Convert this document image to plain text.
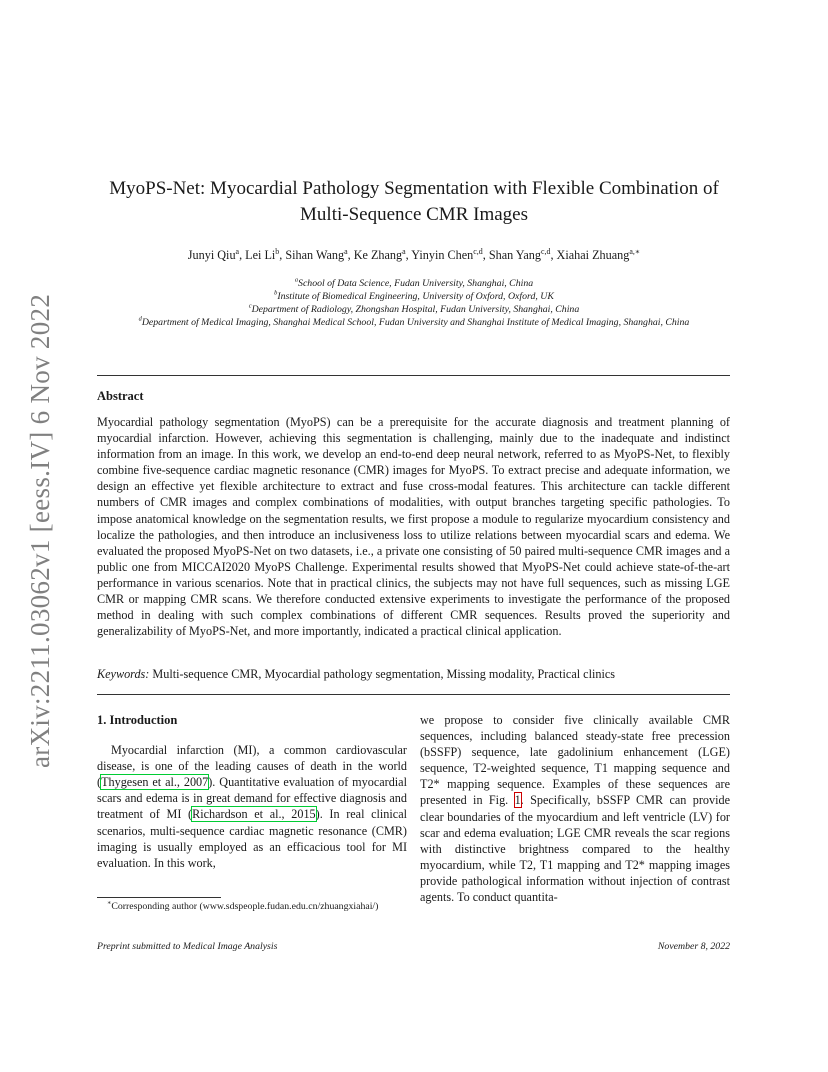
arXiv:2211.03062v1 [eess.IV] 6 Nov 2022
MyoPS-Net: Myocardial Pathology Segmentation with Flexible Combination of
Multi-Sequence CMR Images
Junyi Qiu$^a$, Lei Li$^b$, Sihan Wang$^a$, Ke Zhang$^a$, Yinyin Chen$^{c,d}$, Shan Yang$^{c,d}$, Xiahai Zhuang$^{a,∗}$
$^a$School of Data Science, Fudan University, Shanghai, China
$^b$Institute of Biomedical Engineering, University of Oxford, Oxford, UK
$^c$Department of Radiology, Zhongshan Hospital, Fudan University, Shanghai, China
$^d$Department of Medical Imaging, Shanghai Medical School, Fudan University and Shanghai Institute of Medical Imaging, Shanghai, China
Abstract
Myocardial pathology segmentation (MyoPS) can be a prerequisite for the accurate diagnosis and treatment planning of myocardial infarction. However, achieving this segmentation is challenging, mainly due to the inadequate and indistinct information from an image. In this work, we develop an end-to-end deep neural network, referred to as MyoPS-Net, to flexibly combine five-sequence cardiac magnetic resonance (CMR) images for MyoPS. To extract precise and adequate information, we design an effective yet flexible architecture to extract and fuse cross-modal features. This architecture can tackle different numbers of CMR images and complex combinations of modalities, with output branches targeting specific pathologies. To impose anatomical knowledge on the segmentation results, we first propose a module to regularize myocardium consistency and localize the pathologies, and then introduce an inclusiveness loss to utilize relations between myocardial scars and edema. We evaluated the proposed MyoPS-Net on two datasets, i.e., a private one consisting of 50 paired multi-sequence CMR images and a public one from MICCAI2020 MyoPS Challenge. Experimental results showed that MyoPS-Net could achieve state-of-the-art performance in various scenarios. Note that in practical clinics, the subjects may not have full sequences, such as missing LGE CMR or mapping CMR scans. We therefore conducted extensive experiments to investigate the performance of the proposed method in dealing with such complex combinations of different CMR sequences. Results proved the superiority and generalizability of MyoPS-Net, and more importantly, indicated a practical clinical application.
Keywords: Multi-sequence CMR, Myocardial pathology segmentation, Missing modality, Practical clinics
1. Introduction

Myocardial infarction (MI), a common cardiovascular disease, is one of the leading causes of death in the world (Thygesen et al., 2007). Quantitative evaluation of myocardial scars and edema is in great demand for effective diagnosis and treatment of MI (Richardson et al., 2015). In real clinical scenarios, multi-sequence cardiac magnetic resonance (CMR) imaging is usually employed as an efficacious tool for MI evaluation. In this work,

we propose to consider five clinically available CMR sequences, including balanced steady-state free precession (bSSFP) sequence, late gadolinium enhancement (LGE) sequence, T2-weighted sequence, T1 mapping sequence and T2* mapping sequence. Examples of these sequences are presented in Fig. 1. Specifically, bSSFP CMR can provide clear boundaries of the myocardium and left ventricle (LV) for scar and edema evaluation; LGE CMR reveals the scar regions with distinctive brightness compared to the healthy myocardium, while T2, T1 mapping and T2* mapping images provide pathological information without injection of contrast agents. To conduct quantita-

∗Corresponding author (www.sdspeople.fudan.edu.cn/zhuangxiahai/)
Preprint submitted to Medical Image Analysis	November 8, 2022
